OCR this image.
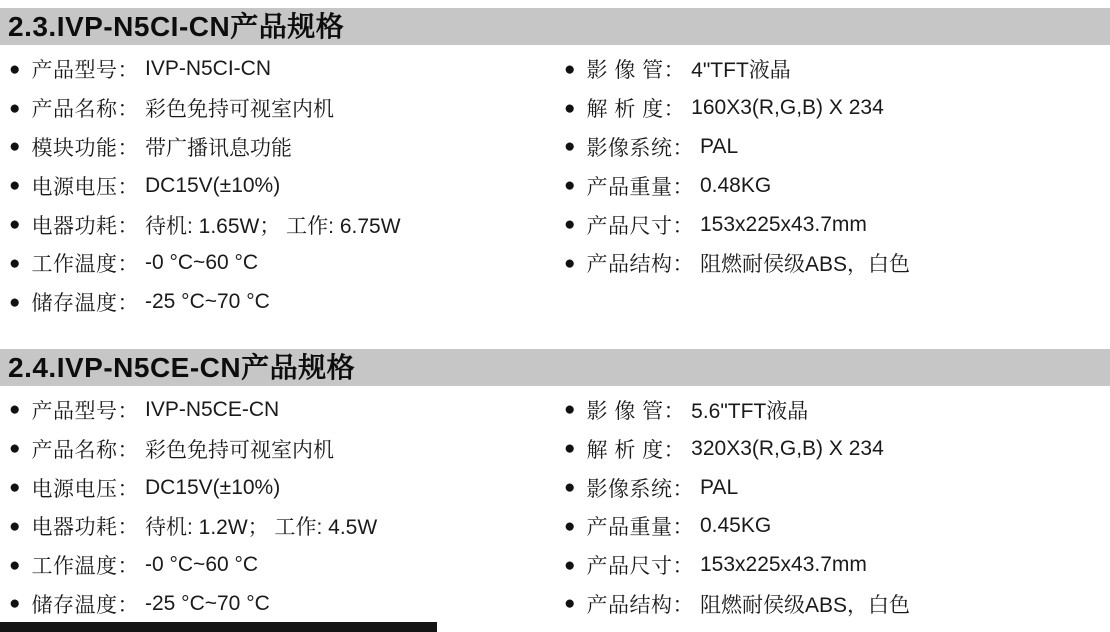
2.3.IVP-N5CI-CN产品规格
● 产品型号： IVP-N5CI-CN
● 产品名称： 彩色免持可视室内机
● 模块功能： 带广播讯息功能
● 电源电压： DC15V(±10%)
● 电器功耗： 待机: 1.65W； 工作: 6.75W
● 工作温度： -0 °C~60 °C
● 储存温度： -25 °C~70 °C
● 影 像 管： 4"TFT液晶
● 解 析 度： 160X3(R,G,B) X 234
● 影像系统： PAL
● 产品重量： 0.48KG
● 产品尺寸： 153x225x43.7mm
● 产品结构： 阻燃耐侯级ABS，白色
2.4.IVP-N5CE-CN产品规格
● 产品型号： IVP-N5CE-CN
● 产品名称： 彩色免持可视室内机
● 电源电压： DC15V(±10%)
● 电器功耗： 待机: 1.2W； 工作: 4.5W
● 工作温度： -0 °C~60 °C
● 储存温度： -25 °C~70 °C
● 影 像 管： 5.6"TFT液晶
● 解 析 度： 320X3(R,G,B) X 234
● 影像系统： PAL
● 产品重量： 0.45KG
● 产品尺寸： 153x225x43.7mm
● 产品结构： 阻燃耐侯级ABS，白色
